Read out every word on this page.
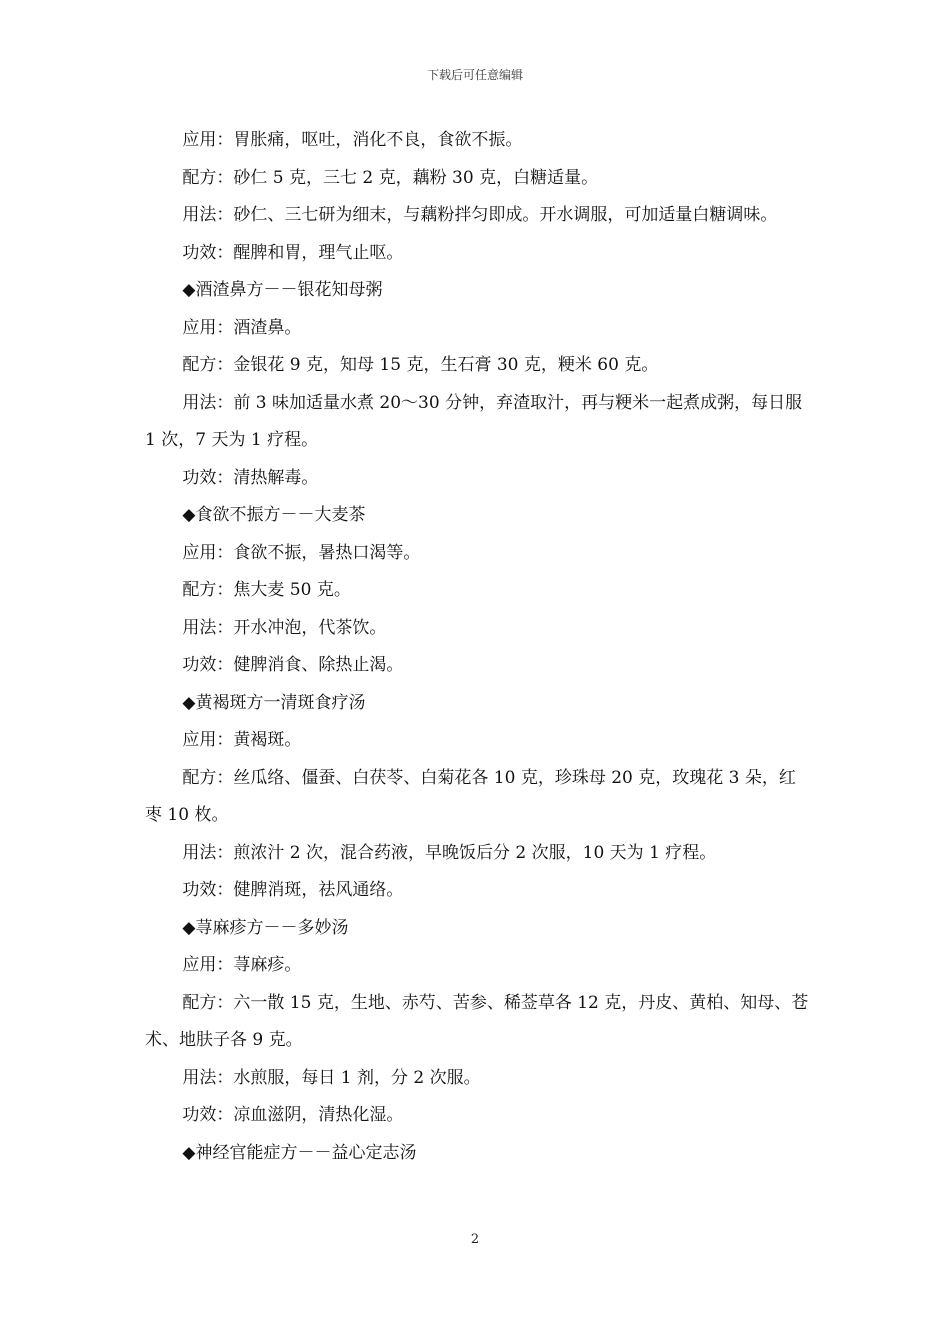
下载后可任意编辑

应用：胃胀痛，呕吐，消化不良，食欲不振。

配方：砂仁 5 克，三七 2 克，藕粉 30 克，白糖适量。

用法：砂仁、三七研为细末，与藕粉拌匀即成。开水调服，可加适量白糖调味。

功效：醒脾和胃，理气止呕。

◆酒渣鼻方－－银花知母粥

应用：酒渣鼻。

配方：金银花 9 克，知母 15 克，生石膏 30 克，粳米 60 克。

用法：前 3 味加适量水煮 20～30 分钟，弃渣取汁，再与粳米一起煮成粥，每日服 1 次，7 天为 1 疗程。

功效：清热解毒。

◆食欲不振方－－大麦茶

应用：食欲不振，暑热口渴等。

配方：焦大麦 50 克。

用法：开水冲泡，代茶饮。

功效：健脾消食、除热止渴。

◆黄褐斑方一清斑食疗汤

应用：黄褐斑。

配方：丝瓜络、僵蚕、白茯苓、白菊花各 10 克，珍珠母 20 克，玫瑰花 3 朵，红枣 10 枚。

用法：煎浓汁 2 次，混合药液，早晚饭后分 2 次服，10 天为 1 疗程。

功效：健脾消斑，祛风通络。

◆荨麻疹方－－多妙汤

应用：荨麻疹。

配方：六一散 15 克，生地、赤芍、苦参、稀莶草各 12 克，丹皮、黄柏、知母、苍术、地肤子各 9 克。

用法：水煎服，每日 1 剂，分 2 次服。

功效：凉血滋阴，清热化湿。

◆神经官能症方－－益心定志汤

2
